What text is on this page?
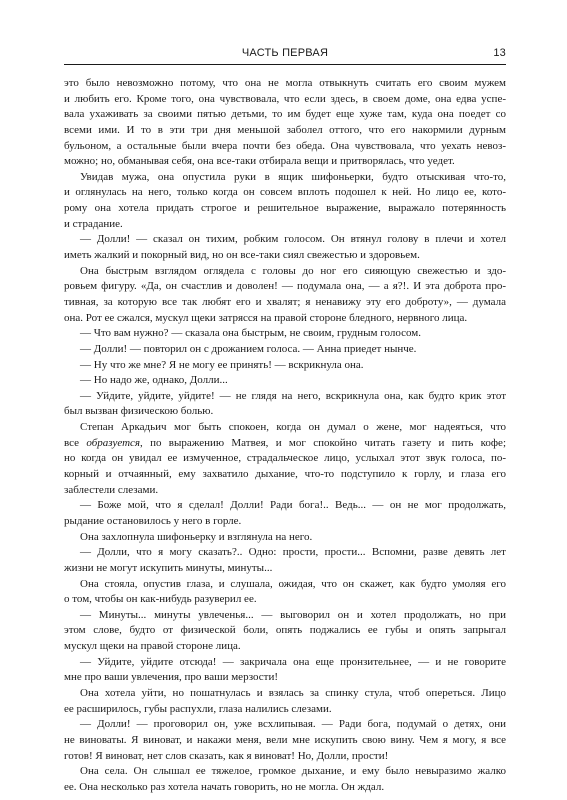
ЧАСТЬ ПЕРВАЯ	13
это было невозможно потому, что она не могла отвыкнуть считать его своим мужем
и любить его. Кроме того, она чувствовала, что если здесь, в своем доме, она едва успе-
вала ухаживать за своими пятью детьми, то им будет еще хуже там, куда она поедет со
всеми ими. И то в эти три дня меньшой заболел оттого, что его накормили дурным
бульоном, а остальные были вчера почти без обеда. Она чувствовала, что уехать невоз-
можно; но, обманывая себя, она все-таки отбирала вещи и притворялась, что уедет.
Увидав мужа, она опустила руки в ящик шифоньерки, будто отыскивая что-то,
и оглянулась на него, только когда он совсем вплоть подошел к ней. Но лицо ее, кото-
рому она хотела придать строгое и решительное выражение, выражало потерянность
и страдание.
— Долли! — сказал он тихим, робким голосом. Он втянул голову в плечи и хотел
иметь жалкий и покорный вид, но он все-таки сиял свежестью и здоровьем.
Она быстрым взглядом оглядела с головы до ног его сияющую свежестью и здо-
ровьем фигуру. «Да, он счастлив и доволен! — подумала она, — а я?!. И эта доброта про-
тивная, за которую все так любят его и хвалят; я ненавижу эту его доброту», — думала
она. Рот ее сжался, мускул щеки затрясся на правой стороне бледного, нервного лица.
— Что вам нужно? — сказала она быстрым, не своим, грудным голосом.
— Долли! — повторил он с дрожанием голоса. — Анна приедет нынче.
— Ну что же мне? Я не могу ее принять! — вскрикнула она.
— Но надо же, однако, Долли...
— Уйдите, уйдите, уйдите! — не глядя на него, вскрикнула она, как будто крик этот
был вызван физическою болью.
Степан Аркадьич мог быть спокоен, когда он думал о жене, мог надеяться, что
все образуется, по выражению Матвея, и мог спокойно читать газету и пить кофе;
но когда он увидал ее измученное, страдальческое лицо, услыхал этот звук голоса, по-
корный и отчаянный, ему захватило дыхание, что-то подступило к горлу, и глаза его
заблестели слезами.
— Боже мой, что я сделал! Долли! Ради бога!.. Ведь... — он не мог продолжать,
рыдание остановилось у него в горле.
Она захлопнула шифоньерку и взглянула на него.
— Долли, что я могу сказать?.. Одно: прости, прости... Вспомни, разве девять лет
жизни не могут искупить минуты, минуты...
Она стояла, опустив глаза, и слушала, ожидая, что он скажет, как будто умоляя его
о том, чтобы он как-нибудь разуверил ее.
— Минуты... минуты увлеченья... — выговорил он и хотел продолжать, но при
этом слове, будто от физической боли, опять поджались ее губы и опять запрыгал
мускул щеки на правой стороне лица.
— Уйдите, уйдите отсюда! — закричала она еще пронзительнее, — и не говорите
мне про ваши увлечения, про ваши мерзости!
Она хотела уйти, но пошатнулась и взялась за спинку стула, чтоб опереться. Лицо
ее расширилось, губы распухли, глаза налились слезами.
— Долли! — проговорил он, уже всхлипывая. — Ради бога, подумай о детях, они
не виноваты. Я виноват, и накажи меня, вели мне искупить свою вину. Чем я могу, я все
готов! Я виноват, нет слов сказать, как я виноват! Но, Долли, прости!
Она села. Он слышал ее тяжелое, громкое дыхание, и ему было невыразимо жалко
ее. Она несколько раз хотела начать говорить, но не могла. Он ждал.
